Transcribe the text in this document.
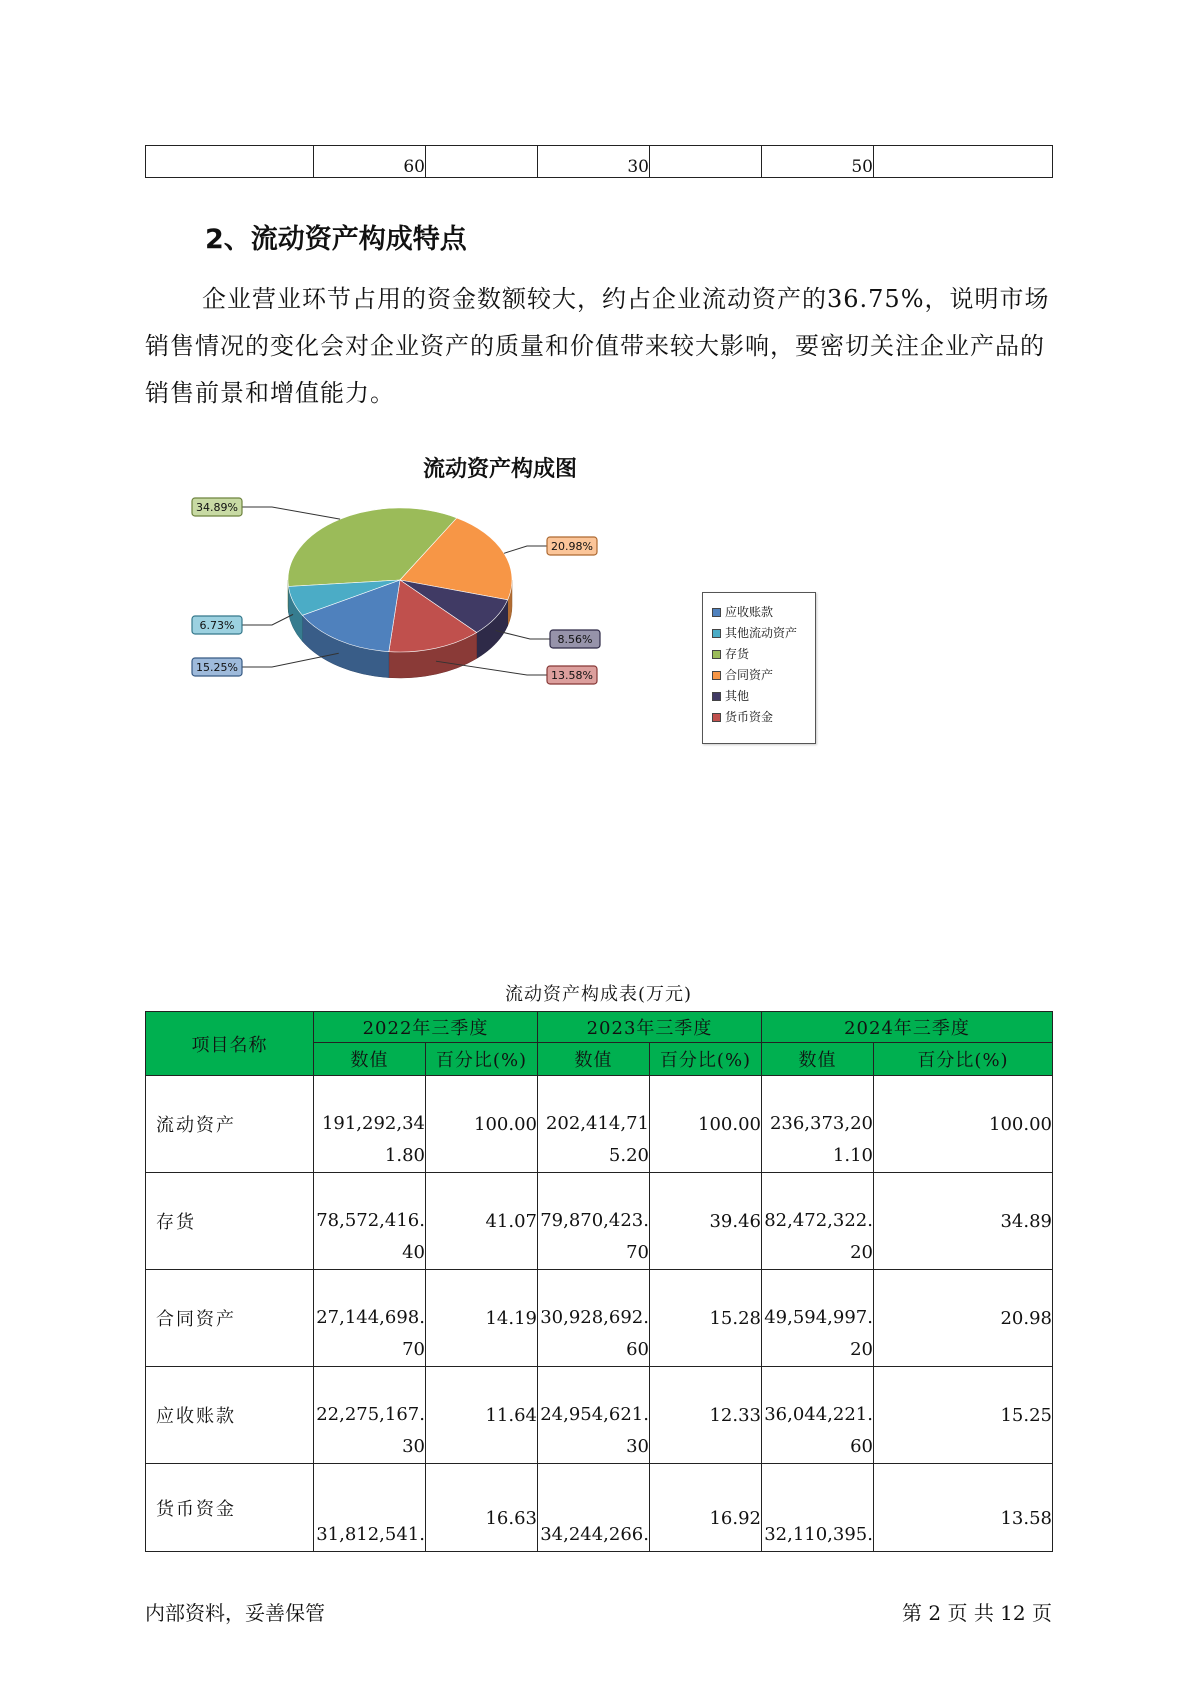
	60		30		50	
2、流动资产构成特点

企业营业环节占用的资金数额较大，约占企业流动资产的36.75%，说明市场销售情况的变化会对企业资产的质量和价值带来较大影响，要密切关注企业产品的销售前景和增值能力。

流动资产构成图
34.89%
20.98%
8.56%
13.58%
15.25%
6.73%
应收账款
其他流动资产
存货
合同资产
其他
货币资金
流动资产构成表(万元)
项目名称	2022年三季度		2023年三季度		2024年三季度	
	数值	百分比(%)	数值	百分比(%)	数值	百分比(%)
流动资产	191,292,341.80	100.00	202,414,715.20	100.00	236,373,201.10	100.00
存货	78,572,416.40	41.07	79,870,423.70	39.46	82,472,322.20	34.89
合同资产	27,144,698.70	14.19	30,928,692.60	15.28	49,594,997.20	20.98
应收账款	22,275,167.30	11.64	24,954,621.30	12.33	36,044,221.60	15.25
货币资金	31,812,541.	16.63	34,244,266.	16.92	32,110,395.	13.58
内部资料，妥善保管	第 2 页 共 12 页
